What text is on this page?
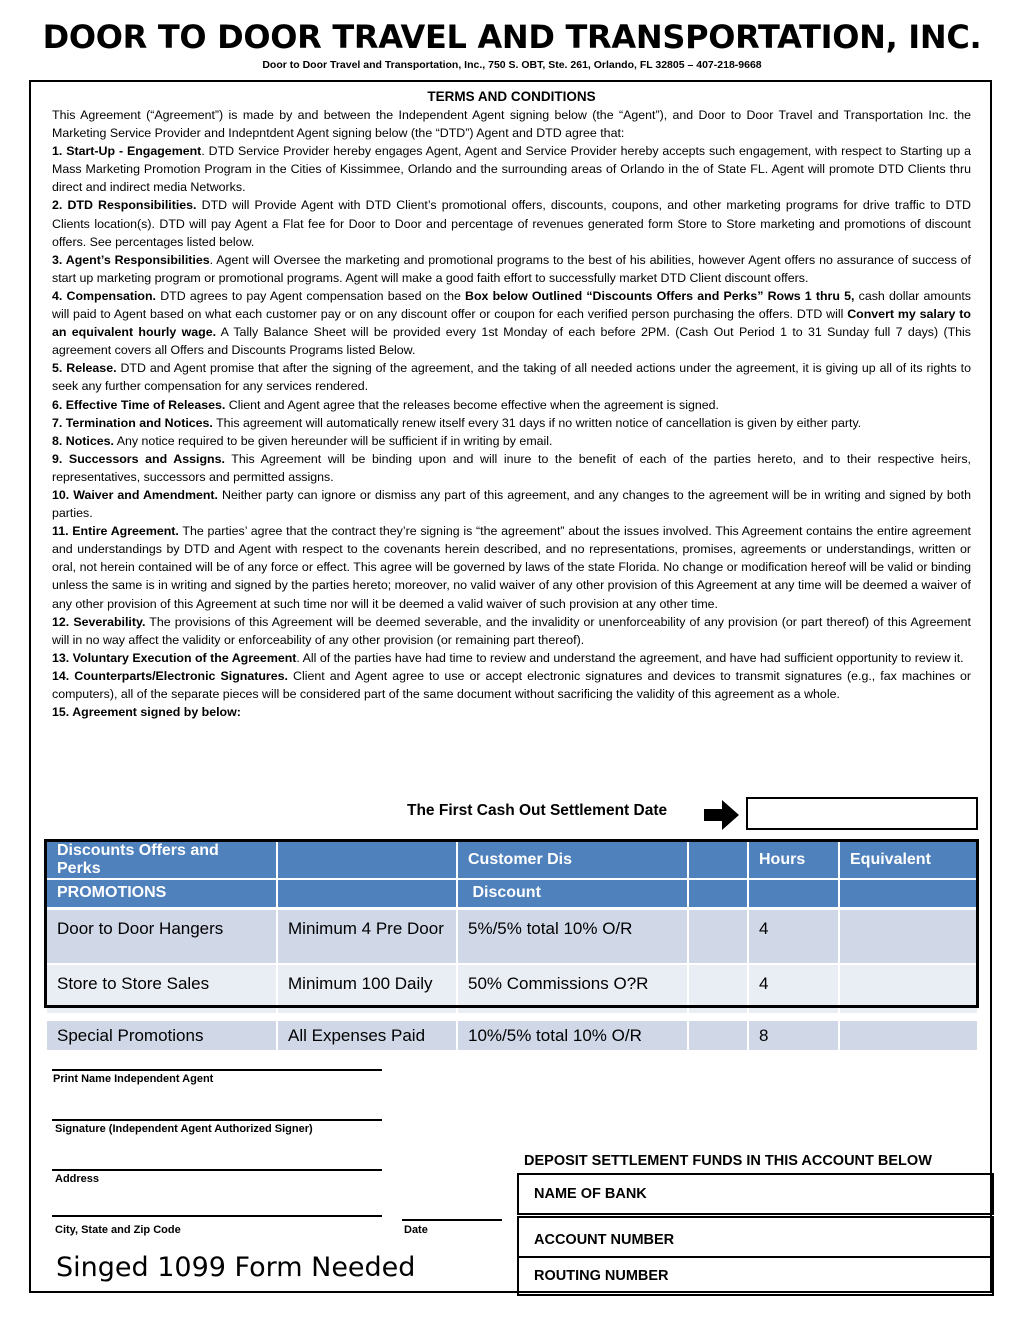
DOOR TO DOOR TRAVEL AND TRANSPORTATION, INC.
Door to Door Travel and Transportation, Inc., 750 S. OBT, Ste. 261, Orlando, FL 32805 – 407-218-9668
TERMS AND CONDITIONS

This Agreement (“Agreement”) is made by and between the Independent Agent signing below (the “Agent”), and Door to Door Travel and Transportation Inc. the Marketing Service Provider and Indepntdent Agent signing below (the “DTD”) Agent and DTD agree that:

1. Start-Up - Engagement. DTD Service Provider hereby engages Agent, Agent and Service Provider hereby accepts such engagement, with respect to Starting up a Mass Marketing Promotion Program in the Cities of Kissimmee, Orlando and the surrounding areas of Orlando in the of State FL. Agent will promote DTD Clients thru direct and indirect media Networks.

2. DTD Responsibilities. DTD will Provide Agent with DTD Client’s promotional offers, discounts, coupons, and other marketing programs for drive traffic to DTD Clients location(s). DTD will pay Agent a Flat fee for Door to Door and percentage of revenues generated form Store to Store marketing and promotions of discount offers. See percentages listed below.

3. Agent’s Responsibilities. Agent will Oversee the marketing and promotional programs to the best of his abilities, however Agent offers no assurance of success of start up marketing program or promotional programs. Agent will make a good faith effort to successfully market DTD Client discount offers.

4. Compensation. DTD agrees to pay Agent compensation based on the Box below Outlined “Discounts Offers and Perks” Rows 1 thru 5, cash dollar amounts will paid to Agent based on what each customer pay or on any discount offer or coupon for each verified person purchasing the offers. DTD will Convert my salary to an equivalent hourly wage. A Tally Balance Sheet will be provided every 1st Monday of each before 2PM. (Cash Out Period 1 to 31 Sunday full 7 days) (This agreement covers all Offers and Discounts Programs listed Below.

5. Release. DTD and Agent promise that after the signing of the agreement, and the taking of all needed actions under the agreement, it is giving up all of its rights to seek any further compensation for any services rendered.

6. Effective Time of Releases. Client and Agent agree that the releases become effective when the agreement is signed.

7. Termination and Notices. This agreement will automatically renew itself every 31 days if no written notice of cancellation is given by either party.

8. Notices. Any notice required to be given hereunder will be sufficient if in writing by email.

9. Successors and Assigns. This Agreement will be binding upon and will inure to the benefit of each of the parties hereto, and to their respective heirs, representatives, successors and permitted assigns.

10. Waiver and Amendment. Neither party can ignore or dismiss any part of this agreement, and any changes to the agreement will be in writing and signed by both parties.

11. Entire Agreement. The parties’ agree that the contract they’re signing is “the agreement” about the issues involved. This Agreement contains the entire agreement and understandings by DTD and Agent with respect to the covenants herein described, and no representations, promises, agreements or understandings, written or oral, not herein contained will be of any force or effect. This agree will be governed by laws of the state Florida. No change or modification hereof will be valid or binding unless the same is in writing and signed by the parties hereto; moreover, no valid waiver of any other provision of this Agreement at any time will be deemed a waiver of any other provision of this Agreement at such time nor will it be deemed a valid waiver of such provision at any other time.

12. Severability. The provisions of this Agreement will be deemed severable, and the invalidity or unenforceability of any provision (or part thereof) of this Agreement will in no way affect the validity or enforceability of any other provision (or remaining part thereof).

13. Voluntary Execution of the Agreement. All of the parties have had time to review and understand the agreement, and have had sufficient opportunity to review it.

14. Counterparts/Electronic Signatures. Client and Agent agree to use or accept electronic signatures and devices to transmit signatures (e.g., fax machines or computers), all of the separate pieces will be considered part of the same document without sacrificing the validity of this agreement as a whole.

15. Agreement signed by below:

The First Cash Out Settlement Date
Discounts Offers and Perks		Customer Dis		Hours	Equivalent
PROMOTIONS		Discount			
Door to Door Hangers	Minimum 4 Pre Door	5%/5% total 10% O/R		4	
Store to Store Sales	Minimum 100 Daily	50% Commissions O?R		4	
Special Promotions	All Expenses Paid	10%/5% total 10% O/R		8	
Print Name Independent Agent
Signature (Independent Agent Authorized Signer)
Address
City, State and Zip Code	Date
Singed 1099 Form Needed
DEPOSIT SETTLEMENT FUNDS IN THIS ACCOUNT BELOW
NAME OF BANK
ACCOUNT NUMBER
ROUTING NUMBER
